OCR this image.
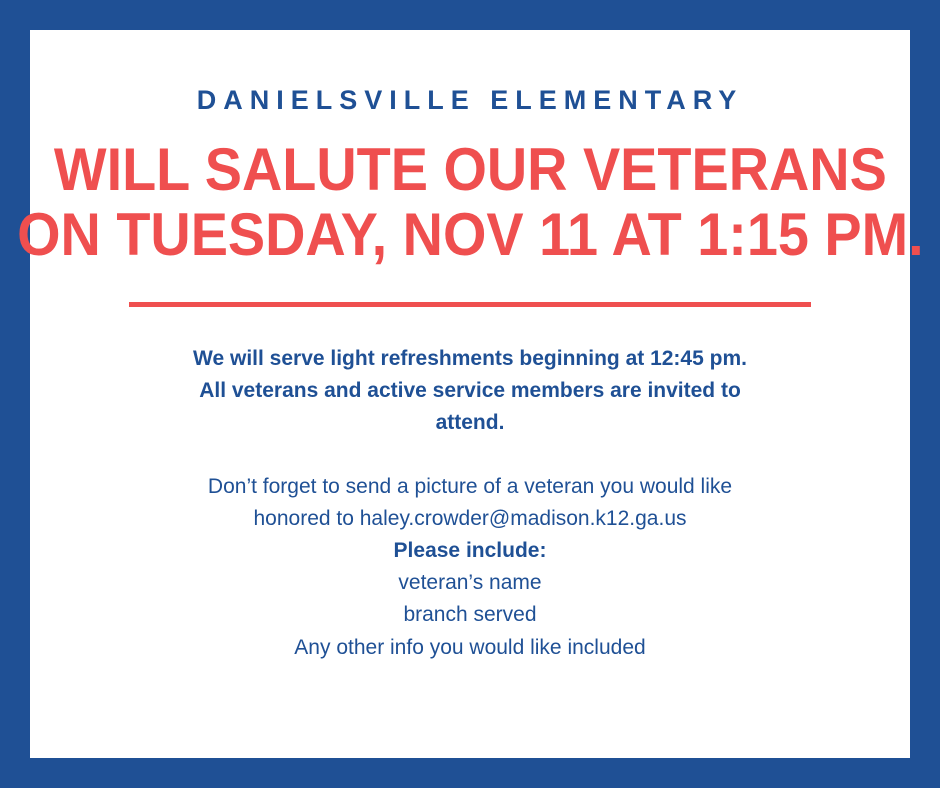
DANIELSVILLE ELEMENTARY
WILL SALUTE OUR VETERANS
ON TUESDAY, NOV 11 AT 1:15 PM.

We will serve light refreshments beginning at 12:45 pm.
All veterans and active service members are invited to
attend.

Don’t forget to send a picture of a veteran you would like
honored to haley.crowder@madison.k12.ga.us
Please include:
veteran’s name
branch served
Any other info you would like included
